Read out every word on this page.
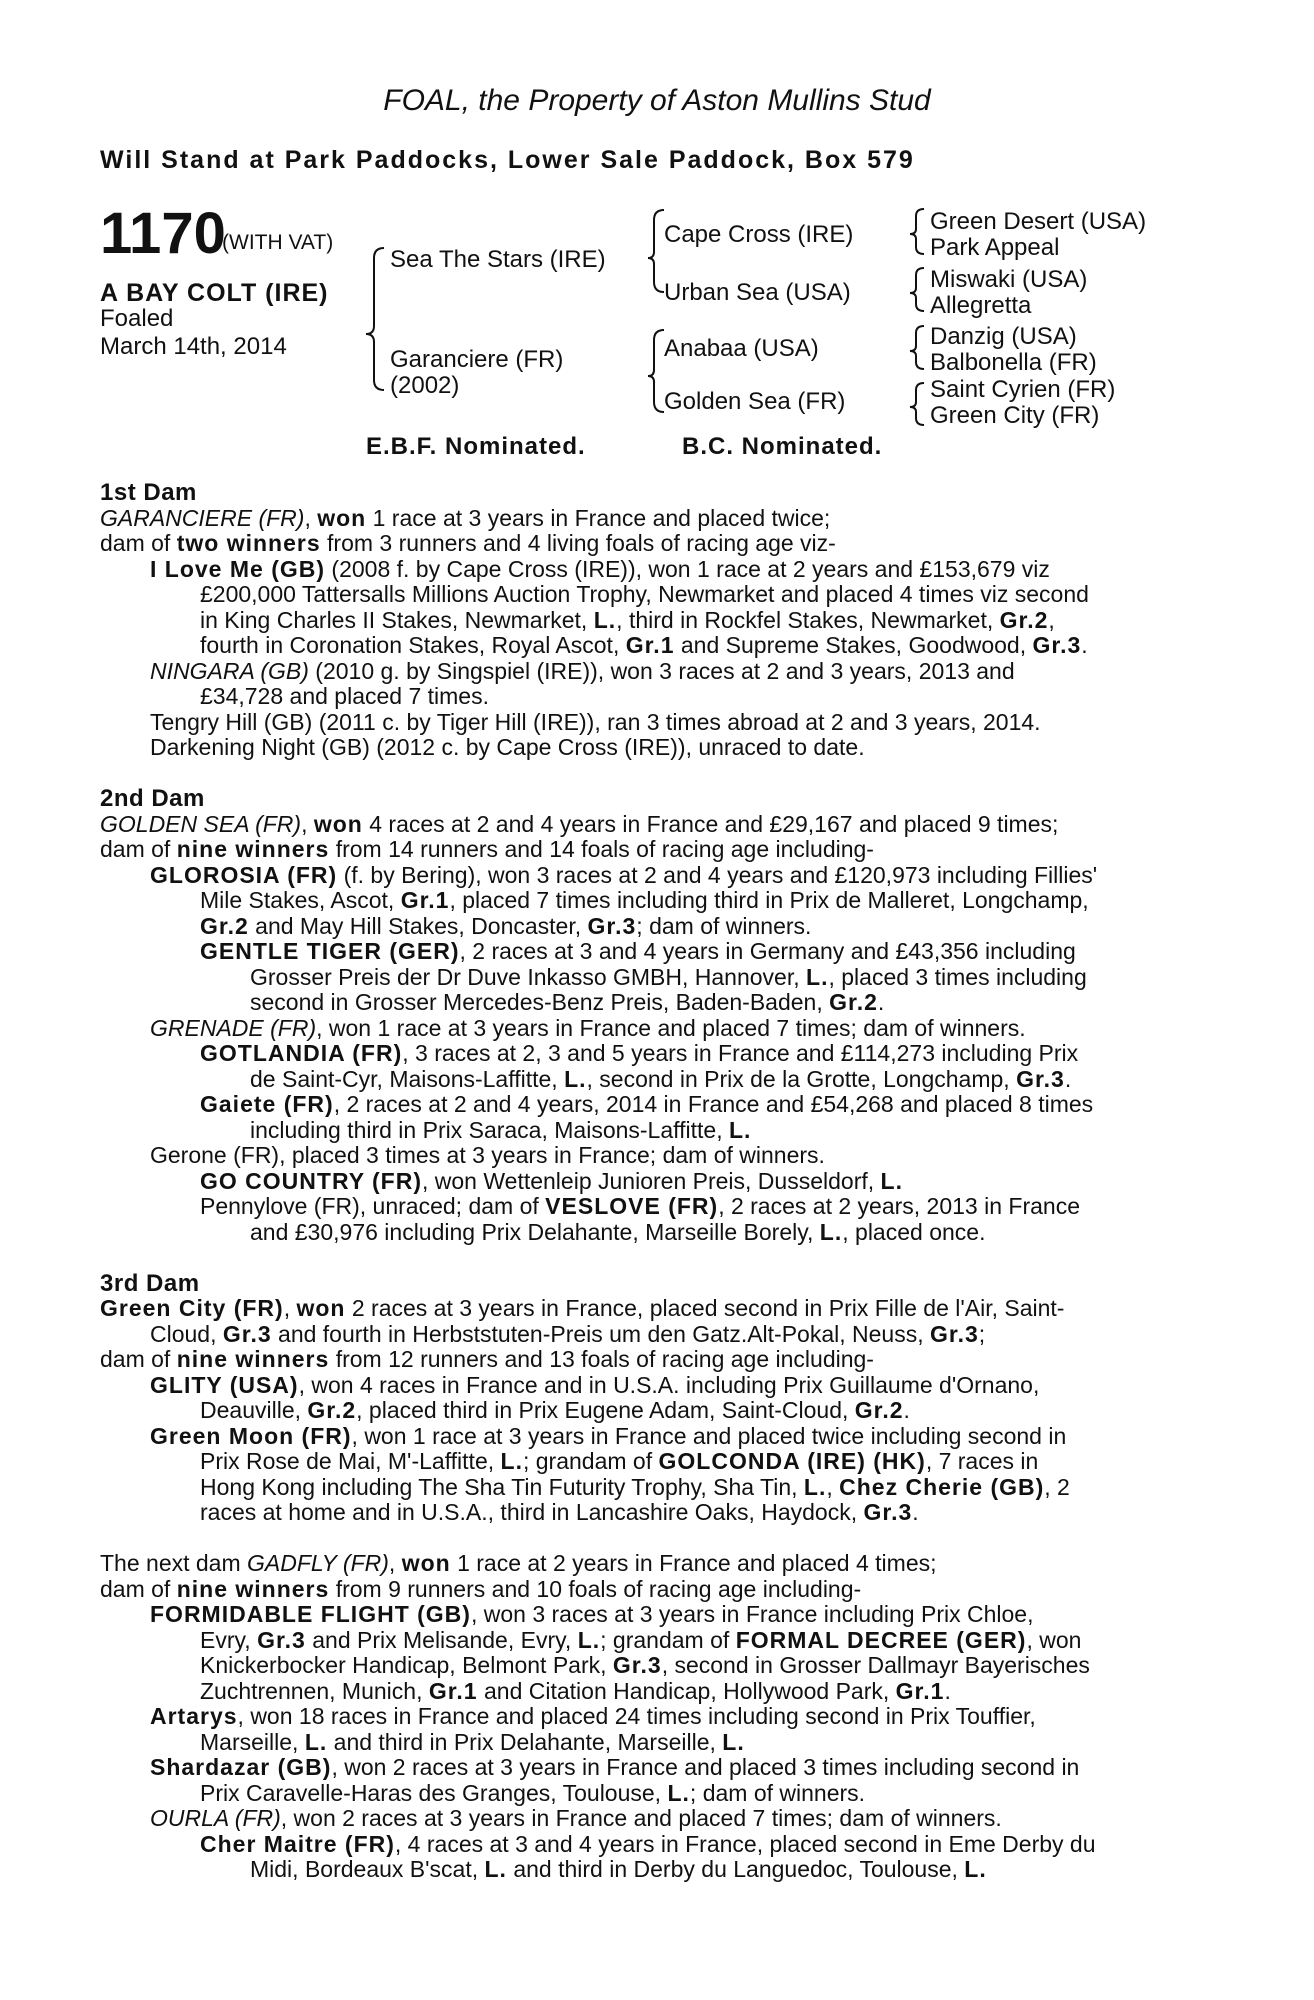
FOAL, the Property of Aston Mullins Stud
Will Stand at Park Paddocks, Lower Sale Paddock, Box 579
1170
(WITH VAT)
A BAY COLT (IRE)
Foaled
March 14th, 2014
Sea The Stars (IRE)
Garanciere (FR)
(2002)
Cape Cross (IRE)
Urban Sea (USA)
Anabaa (USA)
Golden Sea (FR)
Green Desert (USA)
Park Appeal
Miswaki (USA)
Allegretta
Danzig (USA)
Balbonella (FR)
Saint Cyrien (FR)
Green City (FR)
E.B.F. Nominated.	B.C. Nominated.
1st Dam
GARANCIERE (FR), won 1 race at 3 years in France and placed twice;
dam of two winners from 3 runners and 4 living foals of racing age viz-
I Love Me (GB) (2008 f. by Cape Cross (IRE)), won 1 race at 2 years and £153,679 viz
£200,000 Tattersalls Millions Auction Trophy, Newmarket and placed 4 times viz second
in King Charles II Stakes, Newmarket, L., third in Rockfel Stakes, Newmarket, Gr.2,
fourth in Coronation Stakes, Royal Ascot, Gr.1 and Supreme Stakes, Goodwood, Gr.3.
NINGARA (GB) (2010 g. by Singspiel (IRE)), won 3 races at 2 and 3 years, 2013 and
£34,728 and placed 7 times.
Tengry Hill (GB) (2011 c. by Tiger Hill (IRE)), ran 3 times abroad at 2 and 3 years, 2014.
Darkening Night (GB) (2012 c. by Cape Cross (IRE)), unraced to date.
2nd Dam
GOLDEN SEA (FR), won 4 races at 2 and 4 years in France and £29,167 and placed 9 times;
dam of nine winners from 14 runners and 14 foals of racing age including-
GLOROSIA (FR) (f. by Bering), won 3 races at 2 and 4 years and £120,973 including Fillies'
Mile Stakes, Ascot, Gr.1, placed 7 times including third in Prix de Malleret, Longchamp,
Gr.2 and May Hill Stakes, Doncaster, Gr.3; dam of winners.
GENTLE TIGER (GER), 2 races at 3 and 4 years in Germany and £43,356 including
Grosser Preis der Dr Duve Inkasso GMBH, Hannover, L., placed 3 times including
second in Grosser Mercedes-Benz Preis, Baden-Baden, Gr.2.
GRENADE (FR), won 1 race at 3 years in France and placed 7 times; dam of winners.
GOTLANDIA (FR), 3 races at 2, 3 and 5 years in France and £114,273 including Prix
de Saint-Cyr, Maisons-Laffitte, L., second in Prix de la Grotte, Longchamp, Gr.3.
Gaiete (FR), 2 races at 2 and 4 years, 2014 in France and £54,268 and placed 8 times
including third in Prix Saraca, Maisons-Laffitte, L.
Gerone (FR), placed 3 times at 3 years in France; dam of winners.
GO COUNTRY (FR), won Wettenleip Junioren Preis, Dusseldorf, L.
Pennylove (FR), unraced; dam of VESLOVE (FR), 2 races at 2 years, 2013 in France
and £30,976 including Prix Delahante, Marseille Borely, L., placed once.
3rd Dam
Green City (FR), won 2 races at 3 years in France, placed second in Prix Fille de l'Air, Saint-
Cloud, Gr.3 and fourth in Herbststuten-Preis um den Gatz.Alt-Pokal, Neuss, Gr.3;
dam of nine winners from 12 runners and 13 foals of racing age including-
GLITY (USA), won 4 races in France and in U.S.A. including Prix Guillaume d'Ornano,
Deauville, Gr.2, placed third in Prix Eugene Adam, Saint-Cloud, Gr.2.
Green Moon (FR), won 1 race at 3 years in France and placed twice including second in
Prix Rose de Mai, M'-Laffitte, L.; grandam of GOLCONDA (IRE) (HK), 7 races in
Hong Kong including The Sha Tin Futurity Trophy, Sha Tin, L., Chez Cherie (GB), 2
races at home and in U.S.A., third in Lancashire Oaks, Haydock, Gr.3.
The next dam GADFLY (FR), won 1 race at 2 years in France and placed 4 times;
dam of nine winners from 9 runners and 10 foals of racing age including-
FORMIDABLE FLIGHT (GB), won 3 races at 3 years in France including Prix Chloe,
Evry, Gr.3 and Prix Melisande, Evry, L.; grandam of FORMAL DECREE (GER), won
Knickerbocker Handicap, Belmont Park, Gr.3, second in Grosser Dallmayr Bayerisches
Zuchtrennen, Munich, Gr.1 and Citation Handicap, Hollywood Park, Gr.1.
Artarys, won 18 races in France and placed 24 times including second in Prix Touffier,
Marseille, L. and third in Prix Delahante, Marseille, L.
Shardazar (GB), won 2 races at 3 years in France and placed 3 times including second in
Prix Caravelle-Haras des Granges, Toulouse, L.; dam of winners.
OURLA (FR), won 2 races at 3 years in France and placed 7 times; dam of winners.
Cher Maitre (FR), 4 races at 3 and 4 years in France, placed second in Eme Derby du
Midi, Bordeaux B'scat, L. and third in Derby du Languedoc, Toulouse, L.
